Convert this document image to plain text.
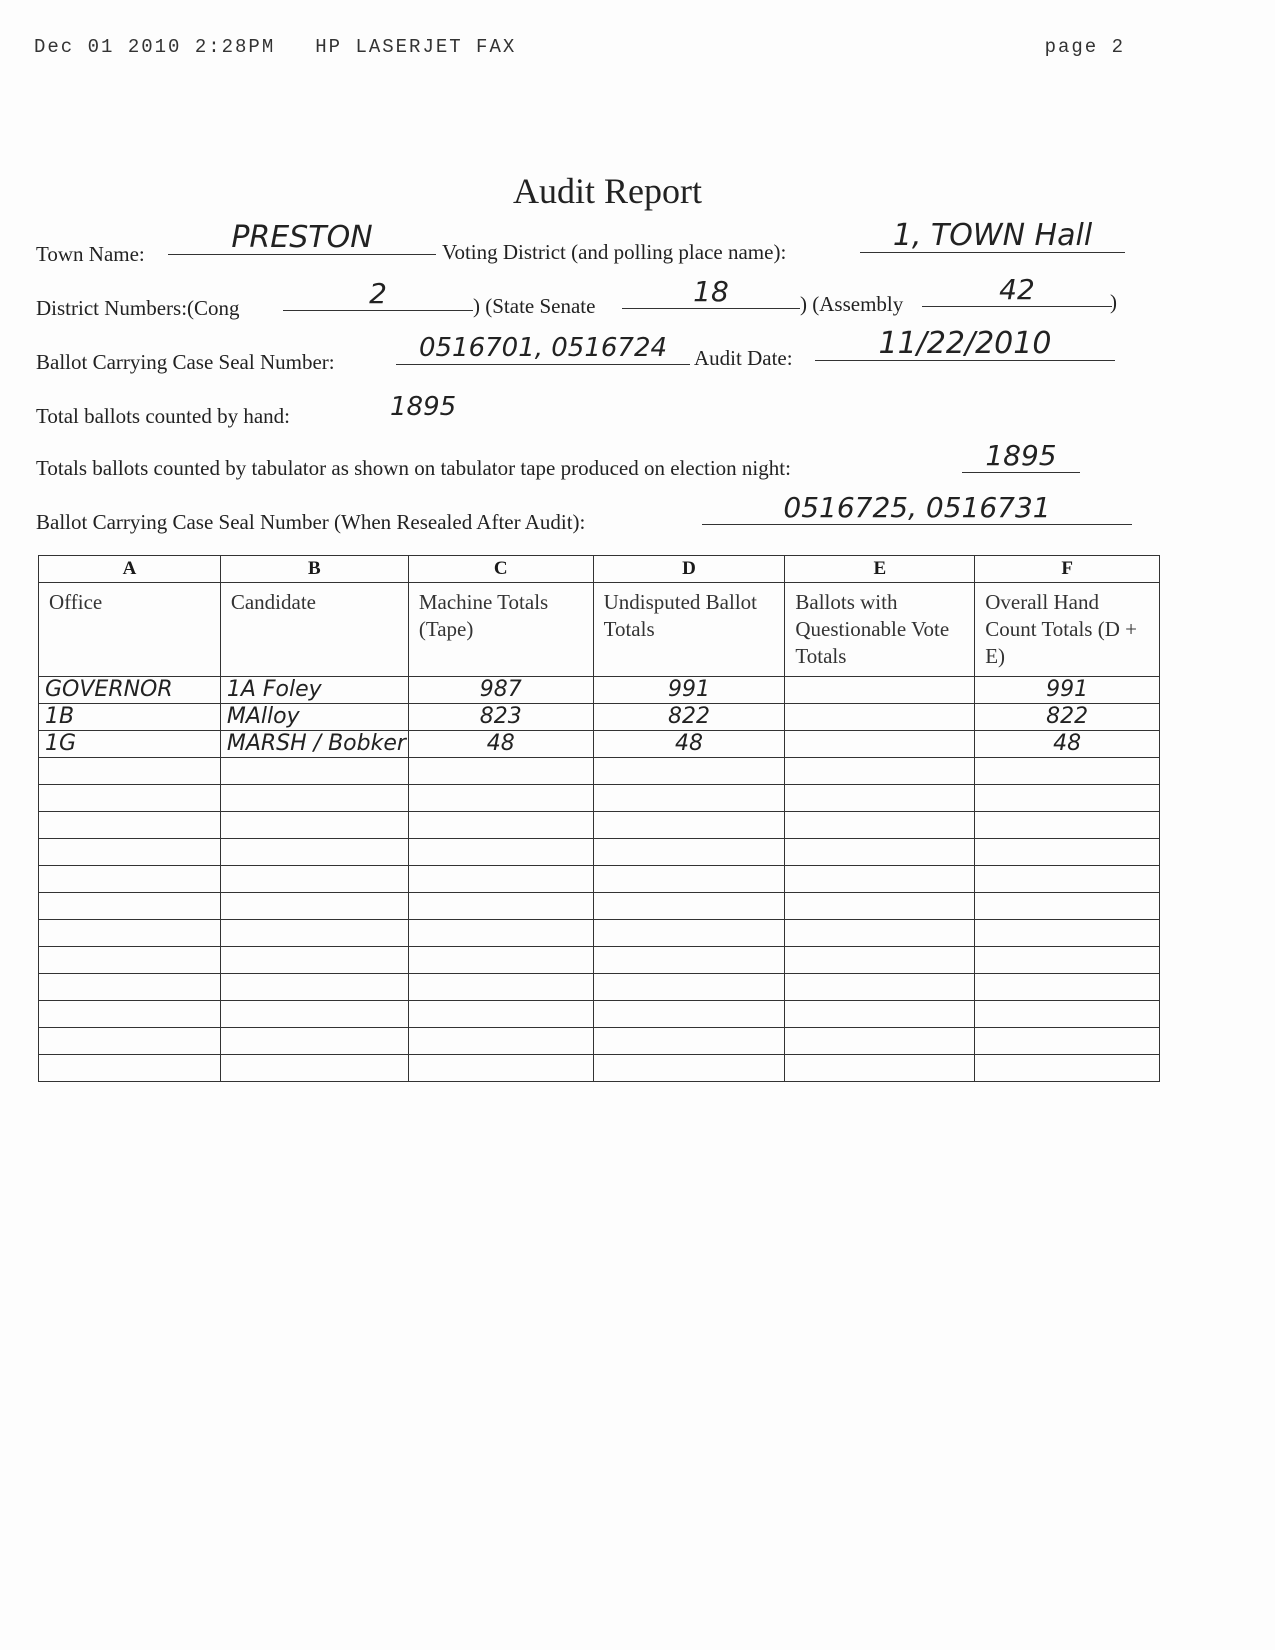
Dec 01 2010 2:28PM HP LASERJET FAX	page 2
Audit Report
Town Name:	PRESTON	Voting District (and polling place name):	1, TOWN Hall
District Numbers:(Cong	2	) (State Senate	18	) (Assembly	42	)
Ballot Carrying Case Seal Number:	0516701, 0516724	Audit Date:	11/22/2010
Total ballots counted by hand:	1895
Totals ballots counted by tabulator as shown on tabulator tape produced on election night:	1895
Ballot Carrying Case Seal Number (When Resealed After Audit):	0516725, 0516731
A	B	C	D	E	F
Office	Candidate	Machine Totals (Tape)	Undisputed Ballot Totals	Ballots with Questionable Vote Totals	Overall Hand Count Totals (D + E)
GOVERNOR	1A Foley	987	991		991
1B	MAlloy	823	822		822
1G	MARSH / Bobker	48	48		48
